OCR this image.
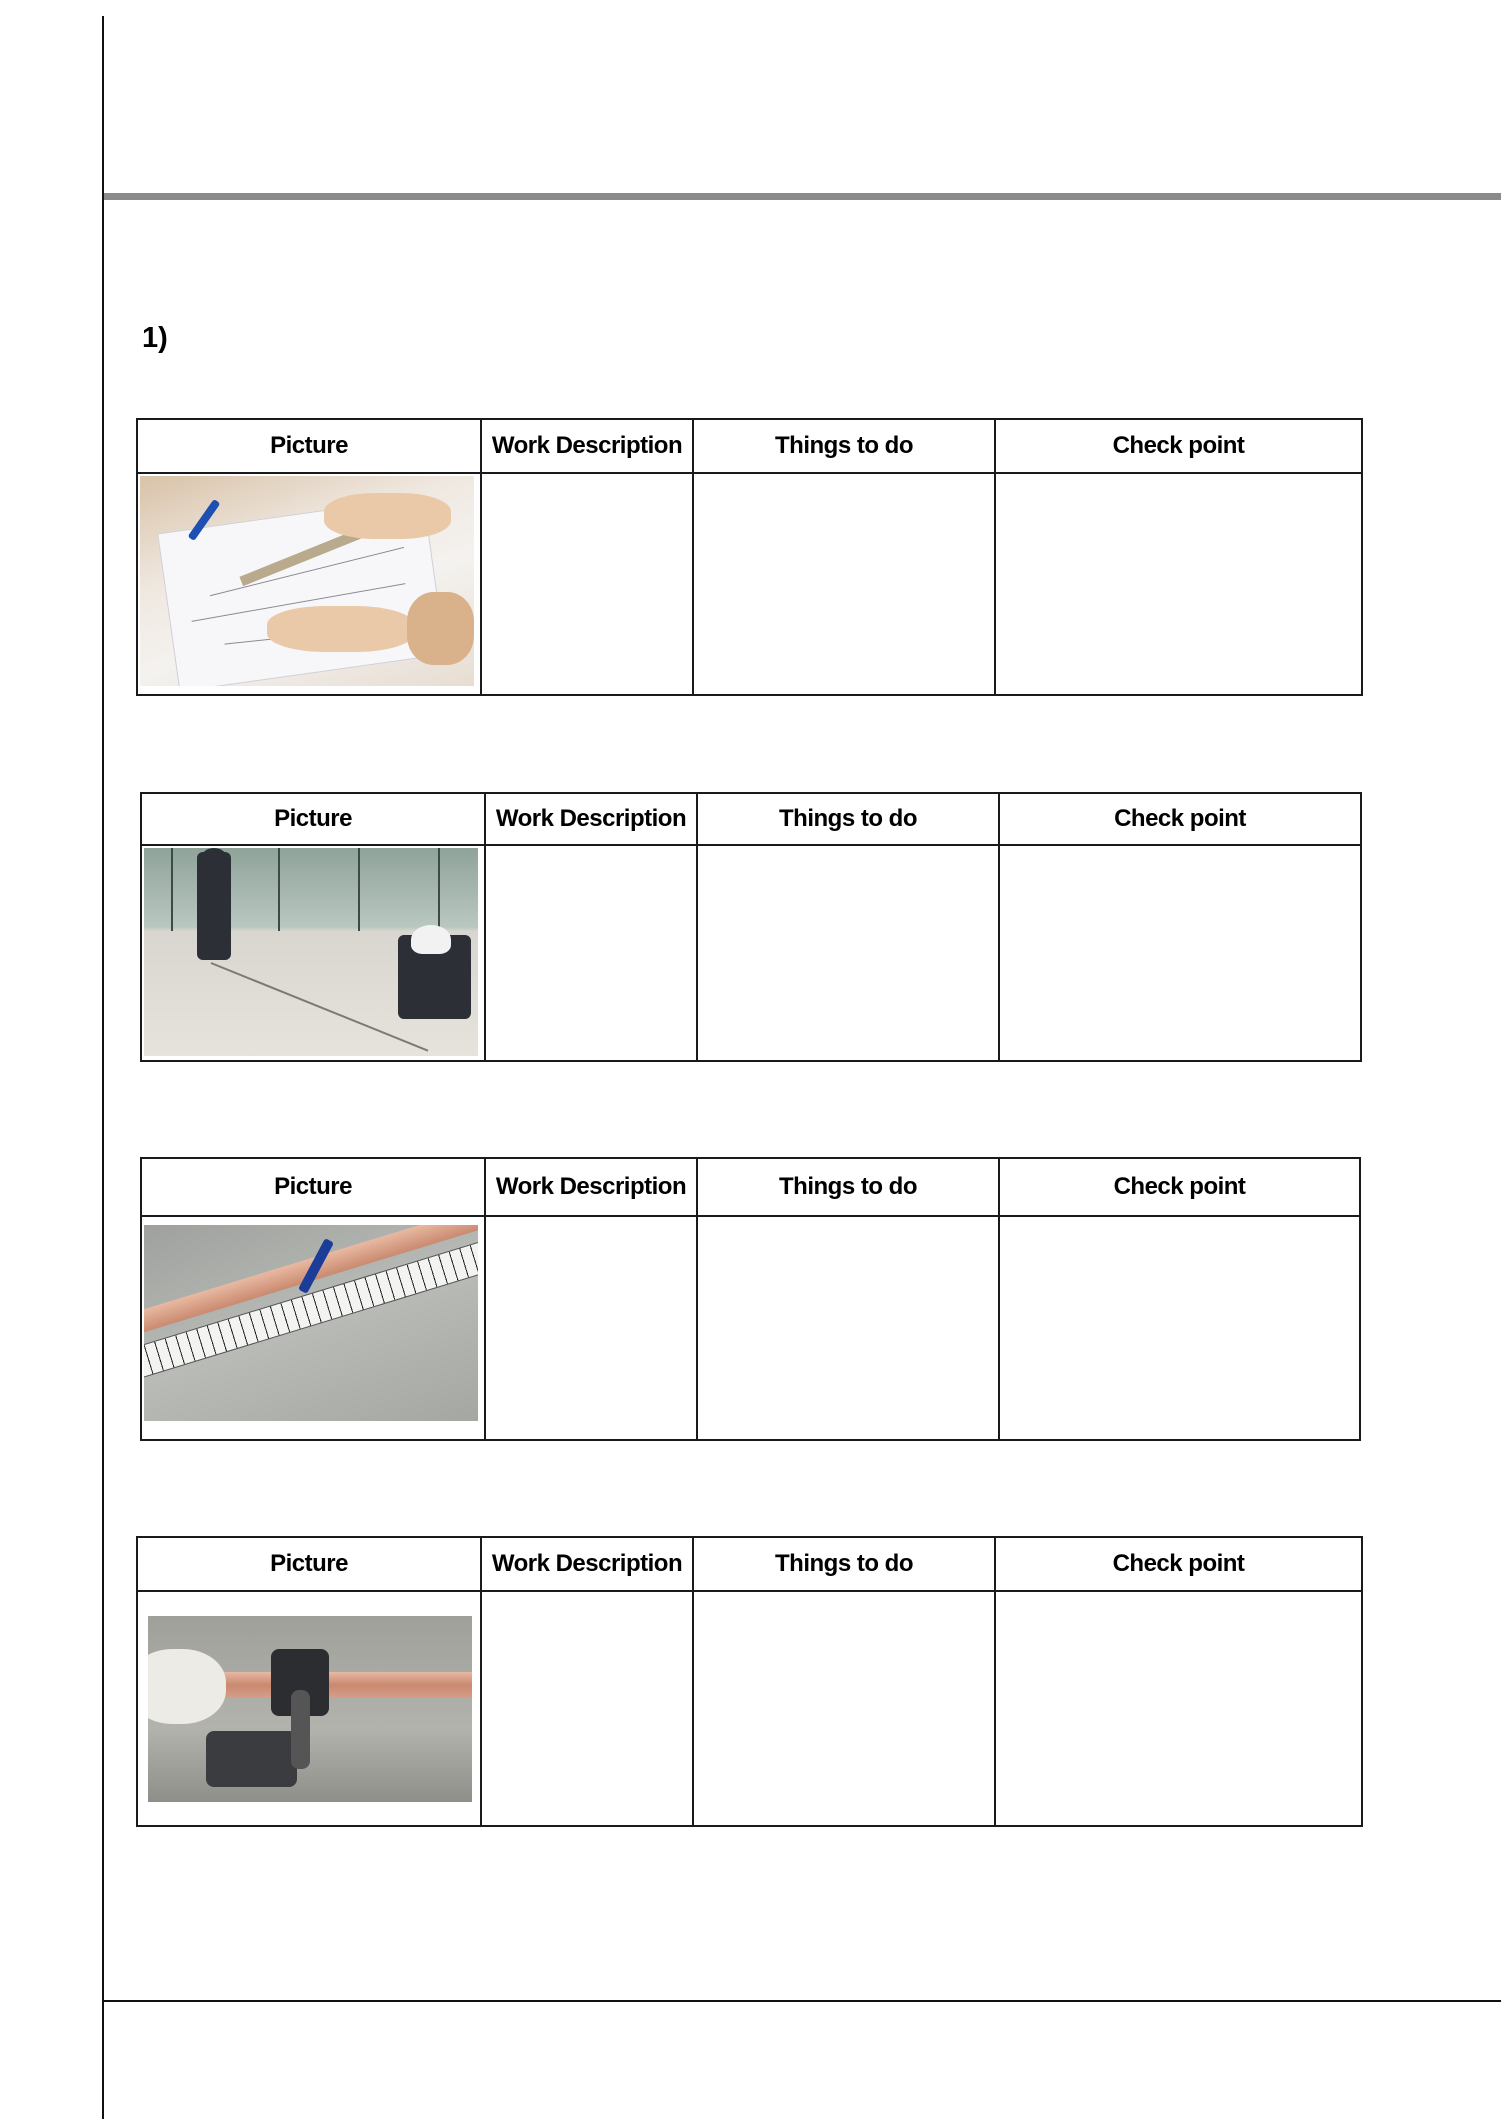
1)
Picture	Work Description	Things to do	Check point
Picture	Work Description	Things to do	Check point
Picture	Work Description	Things to do	Check point
Picture	Work Description	Things to do	Check point
